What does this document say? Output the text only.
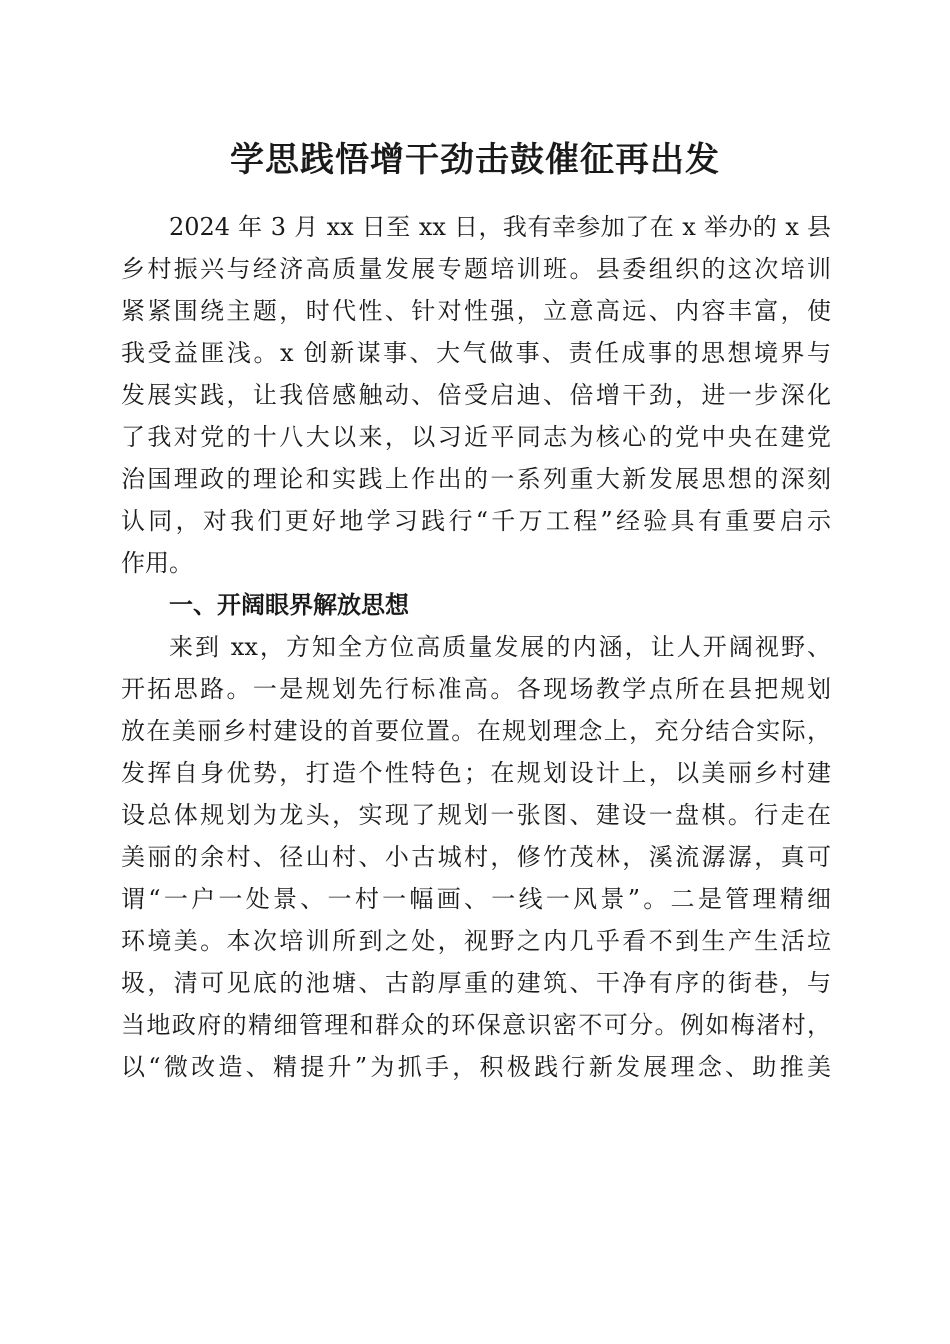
学思践悟增干劲击鼓催征再出发

2024 年 3 月 xx 日至 xx 日，我有幸参加了在 x 举办的 x 县

乡村振兴与经济高质量发展专题培训班。县委组织的这次培训

紧紧围绕主题，时代性、针对性强，立意高远、内容丰富，使

我受益匪浅。x 创新谋事、大气做事、责任成事的思想境界与

发展实践，让我倍感触动、倍受启迪、倍增干劲，进一步深化

了我对党的十八大以来，以习近平同志为核心的党中央在建党

治国理政的理论和实践上作出的一系列重大新发展思想的深刻

认同，对我们更好地学习践行“千万工程”经验具有重要启示

作用。

一、开阔眼界解放思想

来到 xx，方知全方位高质量发展的内涵，让人开阔视野、

开拓思路。一是规划先行标准高。各现场教学点所在县把规划

放在美丽乡村建设的首要位置。在规划理念上，充分结合实际，

发挥自身优势，打造个性特色；在规划设计上，以美丽乡村建

设总体规划为龙头，实现了规划一张图、建设一盘棋。行走在

美丽的余村、径山村、小古城村，修竹茂林，溪流潺潺，真可

谓“一户一处景、一村一幅画、一线一风景”。二是管理精细

环境美。本次培训所到之处，视野之内几乎看不到生产生活垃

圾，清可见底的池塘、古韵厚重的建筑、干净有序的街巷，与

当地政府的精细管理和群众的环保意识密不可分。例如梅渚村，

以“微改造、精提升”为抓手，积极践行新发展理念、助推美
